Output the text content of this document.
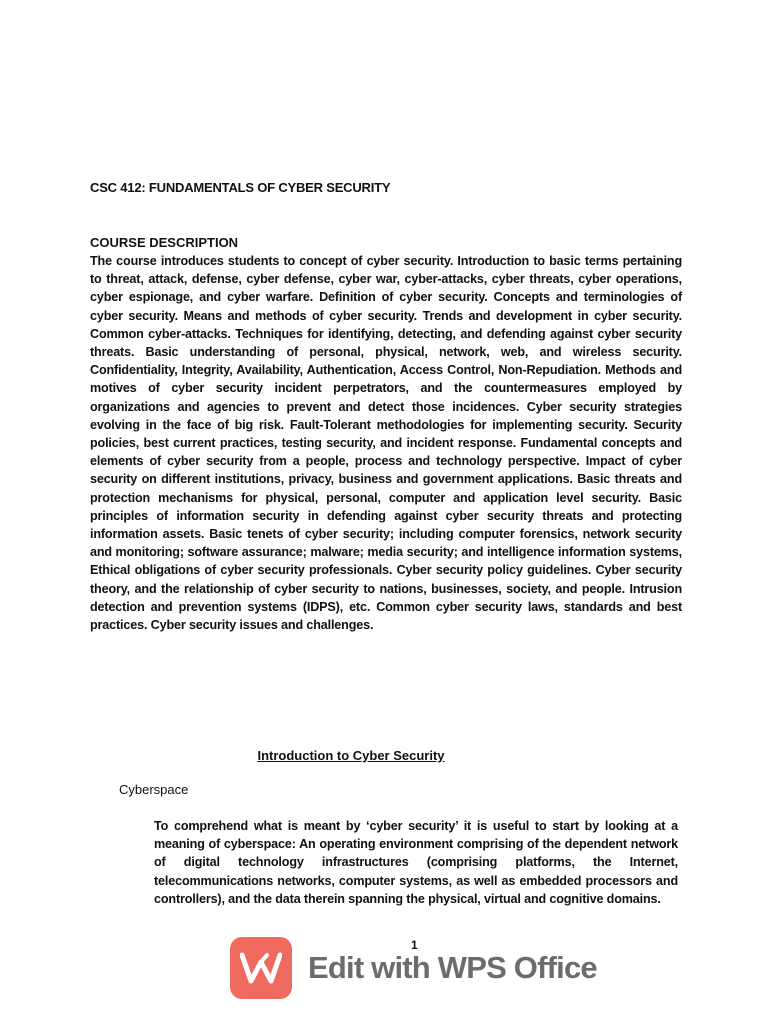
CSC 412: FUNDAMENTALS OF CYBER SECURITY
COURSE DESCRIPTION

The course introduces students to concept of cyber security. Introduction to basic terms pertaining to threat, attack, defense, cyber defense, cyber war, cyber-attacks, cyber threats, cyber operations, cyber espionage, and cyber warfare. Definition of cyber security. Concepts and terminologies of cyber security. Means and methods of cyber security. Trends and development in cyber security. Common cyber-attacks. Techniques for identifying, detecting, and defending against cyber security threats. Basic understanding of personal, physical, network, web, and wireless security. Confidentiality, Integrity, Availability, Authentication, Access Control, Non-Repudiation. Methods and motives of cyber security incident perpetrators, and the countermeasures employed by organizations and agencies to prevent and detect those incidences. Cyber security strategies evolving in the face of big risk. Fault-Tolerant methodologies for implementing security. Security policies, best current practices, testing security, and incident response. Fundamental concepts and elements of cyber security from a people, process and technology perspective. Impact of cyber security on different institutions, privacy, business and government applications. Basic threats and protection mechanisms for physical, personal, computer and application level security. Basic principles of information security in defending against cyber security threats and protecting information assets. Basic tenets of cyber security; including computer forensics, network security and monitoring; software assurance; malware; media security; and intelligence information systems, Ethical obligations of cyber security professionals. Cyber security policy guidelines. Cyber security theory, and the relationship of cyber security to nations, businesses, society, and people. Intrusion detection and prevention systems (IDPS), etc. Common cyber security laws, standards and best practices. Cyber security issues and challenges.

Introduction to Cyber Security
Cyberspace

To comprehend what is meant by ‘cyber security’ it is useful to start by looking at a meaning of cyberspace: An operating environment comprising of the dependent network of digital technology infrastructures (comprising platforms, the Internet, telecommunications networks, computer systems, as well as embedded processors and controllers), and the data therein spanning the physical, virtual and cognitive domains.

1
Edit with WPS Office
